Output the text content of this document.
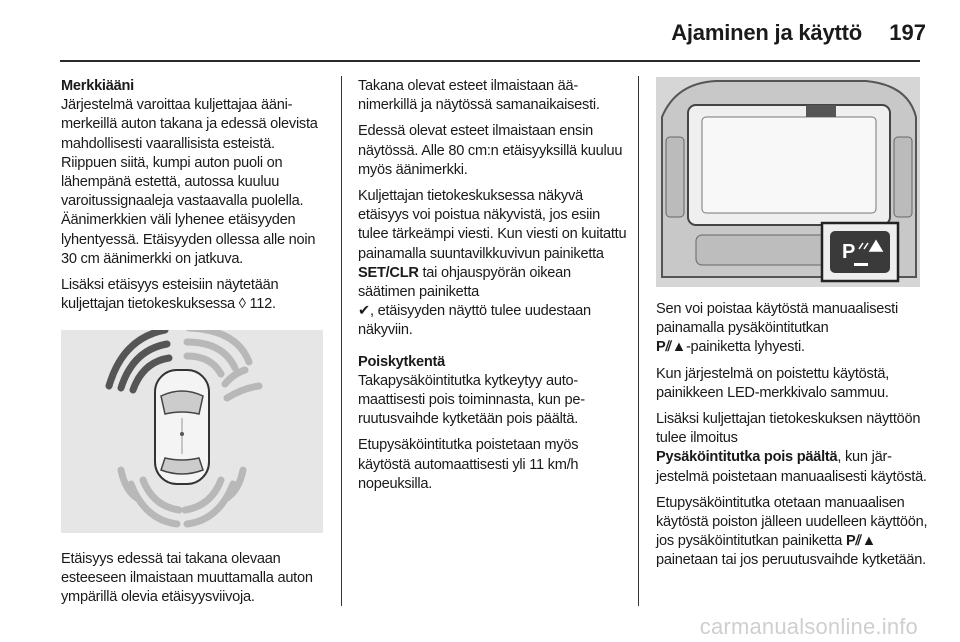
Ajaminen ja käyttö 197

Merkkiääni

Järjestelmä varoittaa kuljettajaa äänimerkeillä auton takana ja edessä olevista mahdollisesti vaarallisista esteistä. Riippuen siitä, kumpi auton puoli on lähempänä estettä, autossa kuuluu varoitussignaaleja vastaavalla puolella. Äänimerkkien väli lyhenee etäisyyden lyhentyessä. Etäisyyden ollessa alle noin 30 cm äänimerkki on jatkuva.

Lisäksi etäisyys esteisiin näytetään kuljettajan tietokeskuksessa ◊ 112.

Etäisyys edessä tai takana olevaan esteeseen ilmaistaan muuttamalla auton ympärillä olevia etäisyysviivoja.

Takana olevat esteet ilmaistaan äänimerkillä ja näytössä samanaikaisesti.

Edessä olevat esteet ilmaistaan ensin näytössä. Alle 80 cm:n etäisyyksillä kuuluu myös äänimerkki.

Kuljettajan tietokeskuksessa näkyvä etäisyys voi poistua näkyvistä, jos esiin tulee tärkeämpi viesti. Kun viesti on kuitattu painamalla suuntavilkkuvivun painiketta SET/CLR tai ohjauspyörän oikean säätimen painiketta
✔, etäisyyden näyttö tulee uudestaan näkyviin.

Poiskytkentä

Takapysäköintitutka kytkeytyy automaattisesti pois toiminnasta, kun peruutusvaihde kytketään pois päältä.

Etupysäköintitutka poistetaan myös käytöstä automaattisesti yli 11 km/h nopeuksilla.

P

Sen voi poistaa käytöstä manuaalisesti painamalla pysäköintitutkan
P⫽▲-painiketta lyhyesti.

Kun järjestelmä on poistettu käytöstä, painikkeen LED-merkkivalo sammuu.

Lisäksi kuljettajan tietokeskuksen näyttöön tulee ilmoitus
Pysäköintitutka pois päältä, kun järjestelmä poistetaan manuaalisesti käytöstä.

Etupysäköintitutka otetaan manuaalisen käytöstä poiston jälleen uudelleen käyttöön, jos pysäköintitutkan painiketta P⫽▲ painetaan tai jos peruutusvaihde kytketään.

carmanualsonline.info
